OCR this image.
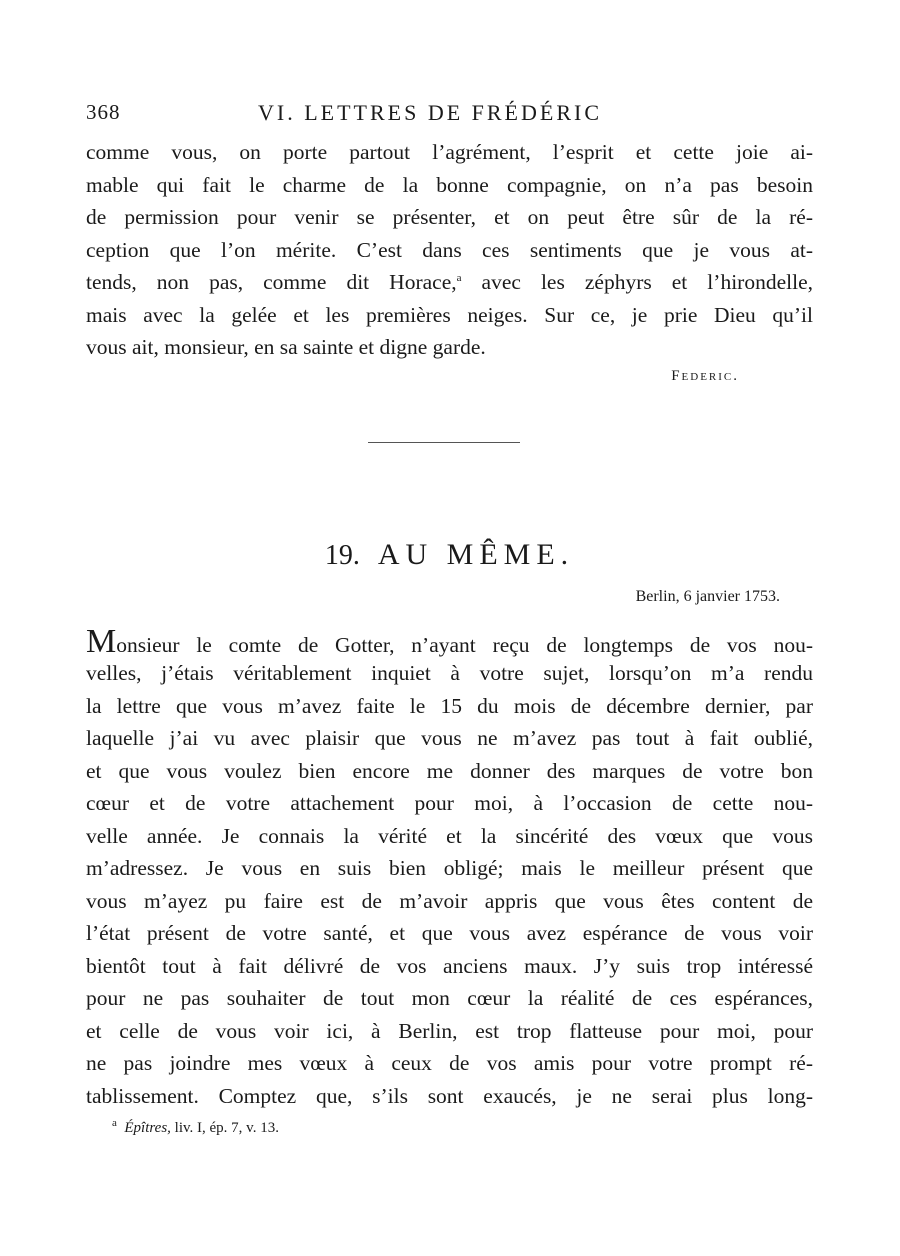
368	VI. LETTRES DE FRÉDÉRIC
comme vous, on porte partout l’agrément, l’esprit et cette joie ai-
mable qui fait le charme de la bonne compagnie, on n’a pas besoin
de permission pour venir se présenter, et on peut être sûr de la ré-
ception que l’on mérite. C’est dans ces sentiments que je vous at-
tends, non pas, comme dit Horace,$^a$ avec les zéphyrs et l’hirondelle,
mais avec la gelée et les premières neiges. Sur ce, je prie Dieu qu’il
vous ait, monsieur, en sa sainte et digne garde.
Federic.
19. AU MÊME.
Berlin, 6 janvier 1753.
Monsieur le comte de Gotter, n’ayant reçu de longtemps de vos nou-
velles, j’étais véritablement inquiet à votre sujet, lorsqu’on m’a rendu
la lettre que vous m’avez faite le 15 du mois de décembre dernier, par
laquelle j’ai vu avec plaisir que vous ne m’avez pas tout à fait oublié,
et que vous voulez bien encore me donner des marques de votre bon
cœur et de votre attachement pour moi, à l’occasion de cette nou-
velle année. Je connais la vérité et la sincérité des vœux que vous
m’adressez. Je vous en suis bien obligé; mais le meilleur présent que
vous m’ayez pu faire est de m’avoir appris que vous êtes content de
l’état présent de votre santé, et que vous avez espérance de vous voir
bientôt tout à fait délivré de vos anciens maux. J’y suis trop intéressé
pour ne pas souhaiter de tout mon cœur la réalité de ces espérances,
et celle de vous voir ici, à Berlin, est trop flatteuse pour moi, pour
ne pas joindre mes vœux à ceux de vos amis pour votre prompt ré-
tablissement. Comptez que, s’ils sont exaucés, je ne serai plus long-
$^a$ Épîtres, liv. I, ép. 7, v. 13.
